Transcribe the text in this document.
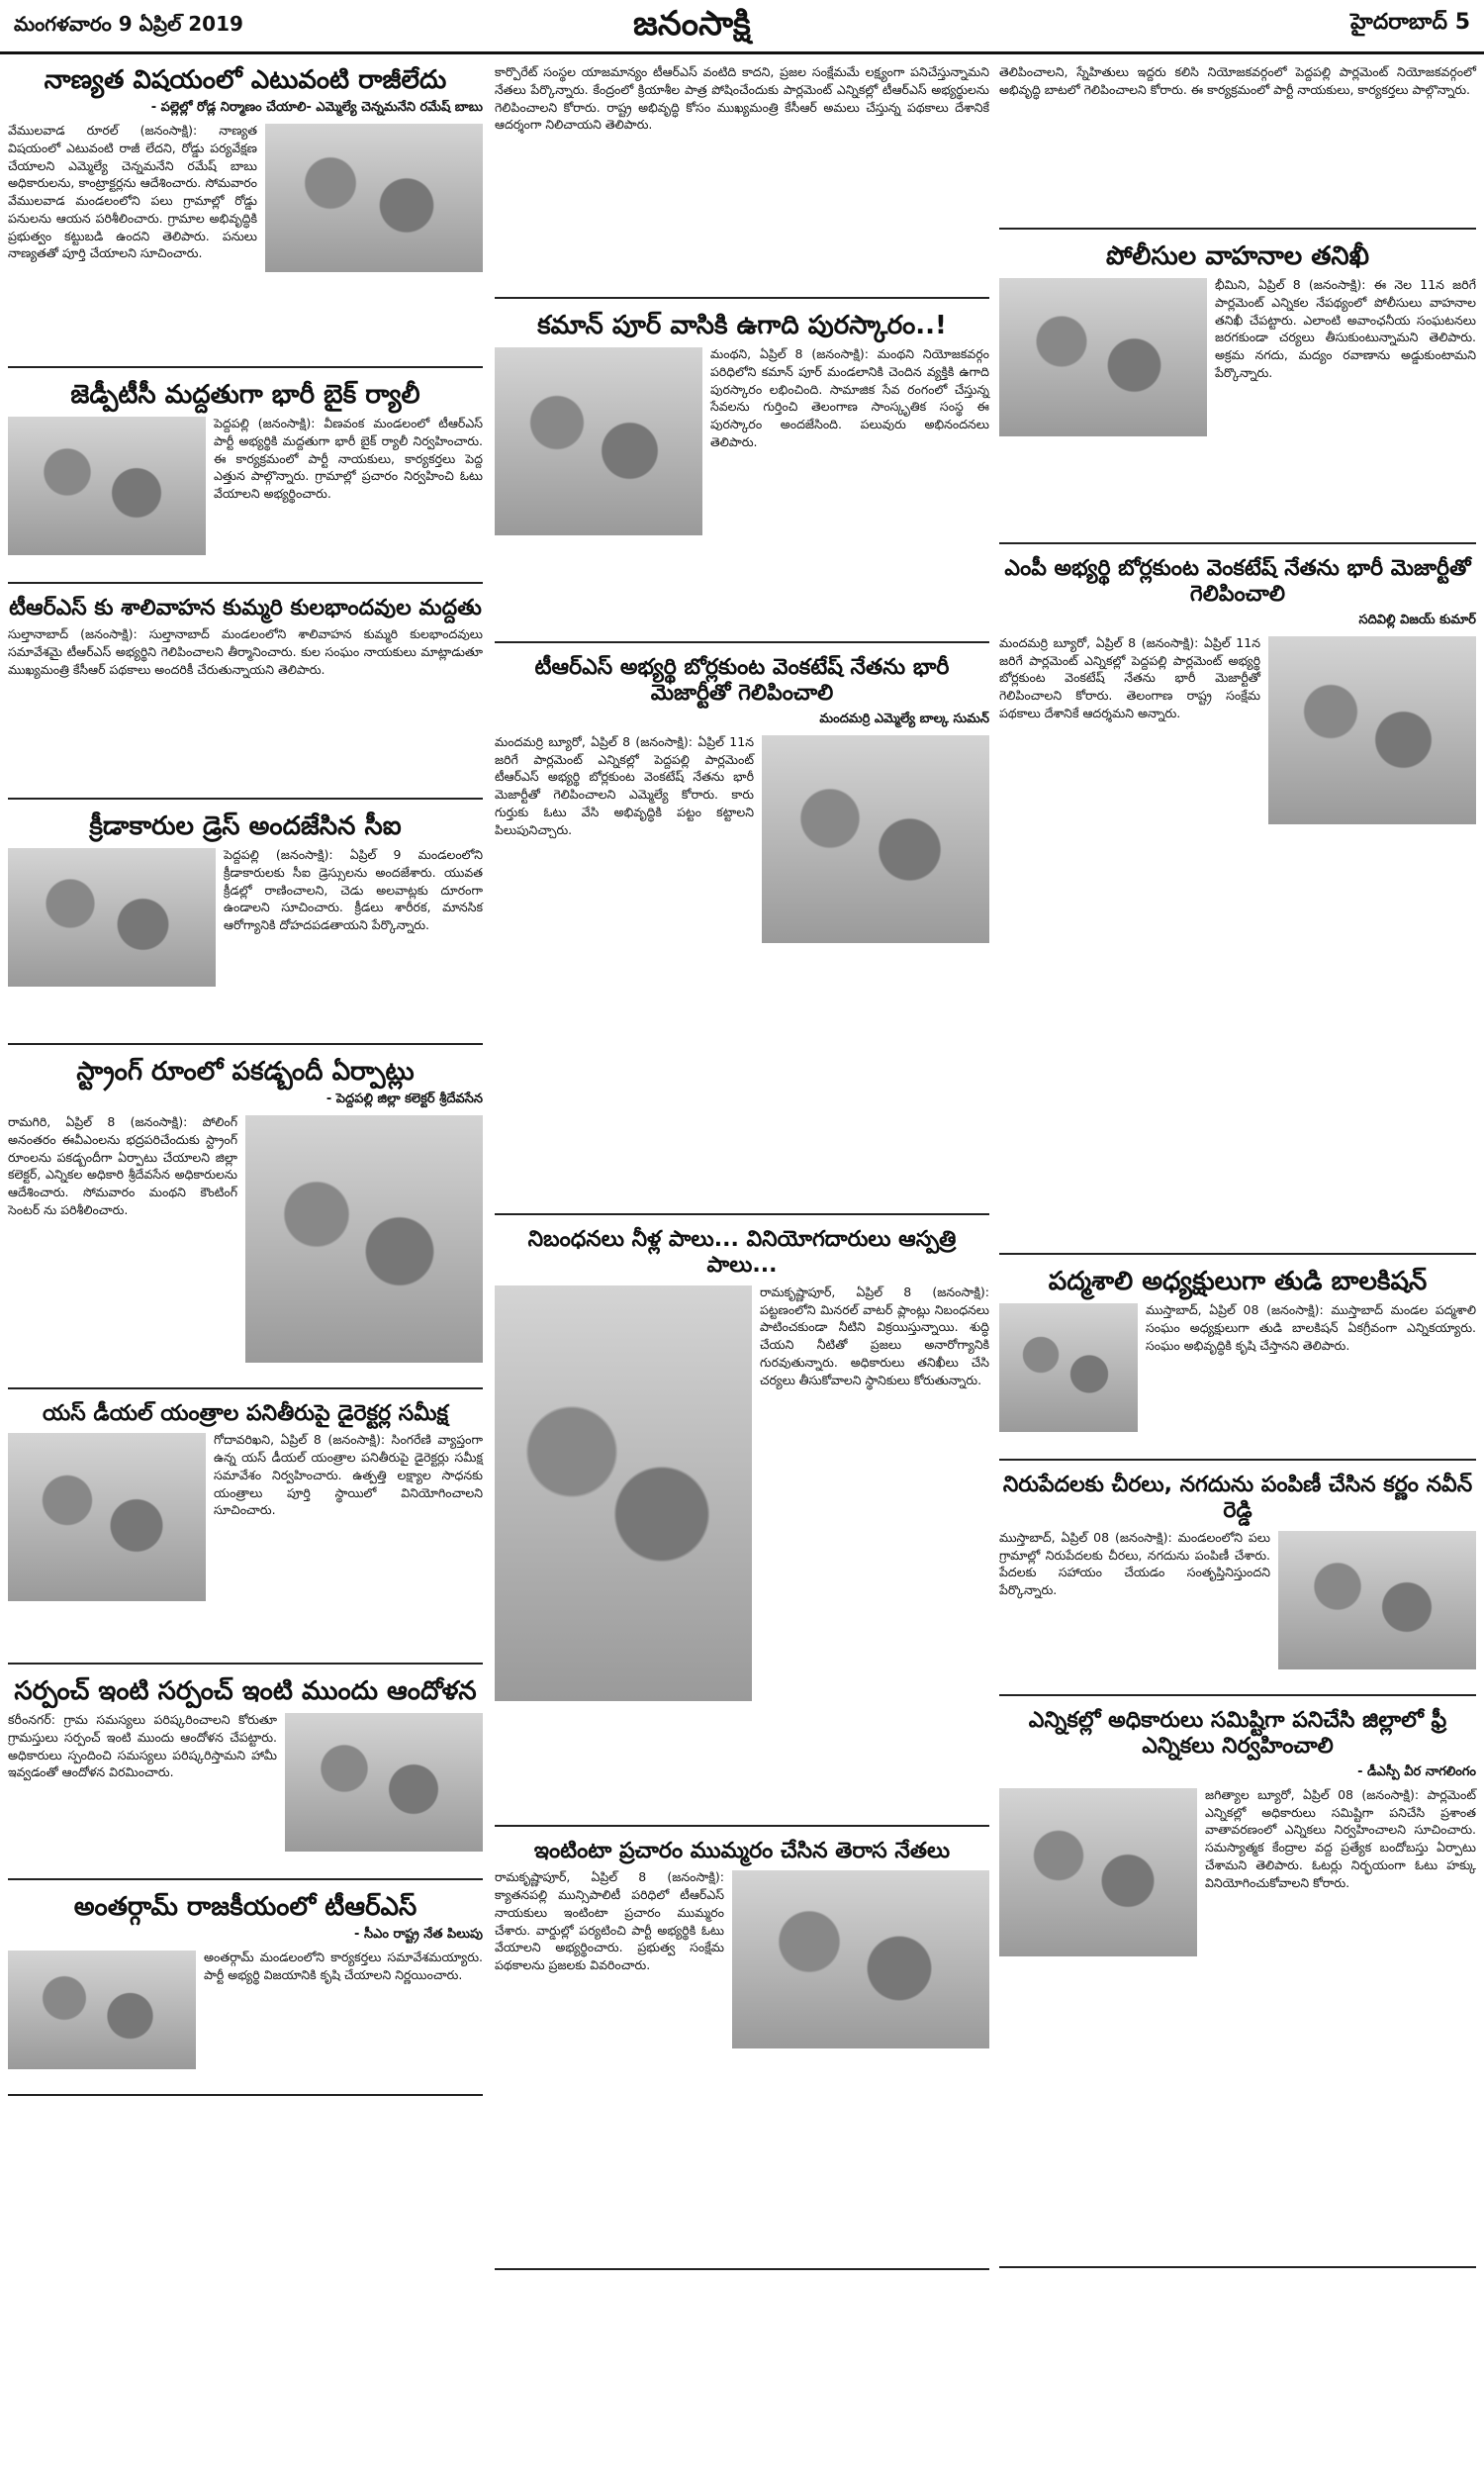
మంగళవారం 9 ఏప్రిల్ 2019	జనంసాక్షి	హైదరాబాద్ 5
నాణ్యత విషయంలో ఎటువంటి రాజీలేదు
- పల్లెల్లో రోడ్ల నిర్మాణం చేయాలి- ఎమ్మెల్యే చెన్నమనేని రమేష్ బాబు
వేములవాడ రూరల్ (జనంసాక్షి): నాణ్యత విషయంలో ఎటువంటి రాజీ లేదని, రోడ్డు పర్యవేక్షణ చేయాలని ఎమ్మెల్యే చెన్నమనేని రమేష్ బాబు అధికారులను, కాంట్రాక్టర్లను ఆదేశించారు. సోమవారం వేములవాడ మండలంలోని పలు గ్రామాల్లో రోడ్డు పనులను ఆయన పరిశీలించారు. గ్రామాల అభివృద్ధికి ప్రభుత్వం కట్టుబడి ఉందని తెలిపారు. పనులు నాణ్యతతో పూర్తి చేయాలని సూచించారు.
జెడ్పీటీసీ మద్దతుగా భారీ బైక్ ర్యాలీ
పెద్దపల్లి (జనంసాక్షి): వీణవంక మండలంలో టీఆర్ఎస్ పార్టీ అభ్యర్థికి మద్దతుగా భారీ బైక్ ర్యాలీ నిర్వహించారు. ఈ కార్యక్రమంలో పార్టీ నాయకులు, కార్యకర్తలు పెద్ద ఎత్తున పాల్గొన్నారు. గ్రామాల్లో ప్రచారం నిర్వహించి ఓటు వేయాలని అభ్యర్థించారు.
టీఆర్ఎస్ కు శాలివాహన కుమ్మరి కులభాందవుల మద్దతు
సుల్తానాబాద్ (జనంసాక్షి): సుల్తానాబాద్ మండలంలోని శాలివాహన కుమ్మరి కులభాందవులు సమావేశమై టీఆర్ఎస్ అభ్యర్థిని గెలిపించాలని తీర్మానించారు. కుల సంఘం నాయకులు మాట్లాడుతూ ముఖ్యమంత్రి కేసీఆర్ పథకాలు అందరికీ చేరుతున్నాయని తెలిపారు.
క్రీడాకారుల డ్రెస్ అందజేసిన సీఐ
పెద్దపల్లి (జనంసాక్షి): ఏప్రిల్ 9 మండలంలోని క్రీడాకారులకు సీఐ డ్రెస్సులను అందజేశారు. యువత క్రీడల్లో రాణించాలని, చెడు అలవాట్లకు దూరంగా ఉండాలని సూచించారు. క్రీడలు శారీరక, మానసిక ఆరోగ్యానికి దోహదపడతాయని పేర్కొన్నారు.
స్ట్రాంగ్ రూంలో పకడ్బందీ ఏర్పాట్లు
- పెద్దపల్లి జిల్లా కలెక్టర్ శ్రీదేవసేన
రామగిరి, ఏప్రిల్ 8 (జనంసాక్షి): పోలింగ్ అనంతరం ఈవీఎంలను భద్రపరిచేందుకు స్ట్రాంగ్ రూంలను పకడ్బందీగా ఏర్పాటు చేయాలని జిల్లా కలెక్టర్, ఎన్నికల అధికారి శ్రీదేవసేన అధికారులను ఆదేశించారు. సోమవారం మంథని కౌంటింగ్ సెంటర్ ను పరిశీలించారు.
యస్ డీయల్ యంత్రాల పనితీరుపై డైరెక్టర్ల సమీక్ష
గోదావరిఖని, ఏప్రిల్ 8 (జనంసాక్షి): సింగరేణి వ్యాప్తంగా ఉన్న యస్ డీయల్ యంత్రాల పనితీరుపై డైరెక్టర్లు సమీక్ష సమావేశం నిర్వహించారు. ఉత్పత్తి లక్ష్యాల సాధనకు యంత్రాలు పూర్తి స్థాయిలో వినియోగించాలని సూచించారు.
సర్పంచ్ ఇంటి సర్పంచ్ ఇంటి ముందు ఆందోళన
కరీంనగర్: గ్రామ సమస్యలు పరిష్కరించాలని కోరుతూ గ్రామస్తులు సర్పంచ్ ఇంటి ముందు ఆందోళన చేపట్టారు. అధికారులు స్పందించి సమస్యలు పరిష్కరిస్తామని హామీ ఇవ్వడంతో ఆందోళన విరమించారు.
అంతర్గామ్ రాజకీయంలో టీఆర్ఎస్
- సీఎం రాష్ట్ర నేత పిలుపు
అంతర్గామ్ మండలంలోని కార్యకర్తలు సమావేశమయ్యారు. పార్టీ అభ్యర్థి విజయానికి కృషి చేయాలని నిర్ణయించారు.
కార్పొరేట్ సంస్థల యాజమాన్యం టీఆర్ఎస్ వంటిది కాదని, ప్రజల సంక్షేమమే లక్ష్యంగా పనిచేస్తున్నామని నేతలు పేర్కొన్నారు. కేంద్రంలో క్రియాశీల పాత్ర పోషించేందుకు పార్లమెంట్ ఎన్నికల్లో టీఆర్ఎస్ అభ్యర్థులను గెలిపించాలని కోరారు. రాష్ట్ర అభివృద్ధి కోసం ముఖ్యమంత్రి కేసీఆర్ అమలు చేస్తున్న పథకాలు దేశానికే ఆదర్శంగా నిలిచాయని తెలిపారు.
కమాన్ పూర్ వాసికి ఉగాది పురస్కారం..!
మంథని, ఏప్రిల్ 8 (జనంసాక్షి): మంథని నియోజకవర్గం పరిధిలోని కమాన్ పూర్ మండలానికి చెందిన వ్యక్తికి ఉగాది పురస్కారం లభించింది. సామాజిక సేవ రంగంలో చేస్తున్న సేవలను గుర్తించి తెలంగాణ సాంస్కృతిక సంస్థ ఈ పురస్కారం అందజేసింది. పలువురు అభినందనలు తెలిపారు.
టీఆర్ఎస్ అభ్యర్థి బోర్లకుంట వెంకటేష్ నేతను భారీ మెజార్టీతో గెలిపించాలి
మందమర్రి ఎమ్మెల్యే బాల్క సుమన్
మందమర్రి బ్యూరో, ఏప్రిల్ 8 (జనంసాక్షి): ఏప్రిల్ 11న జరిగే పార్లమెంట్ ఎన్నికల్లో పెద్దపల్లి పార్లమెంట్ టీఆర్ఎస్ అభ్యర్థి బోర్లకుంట వెంకటేష్ నేతను భారీ మెజార్టీతో గెలిపించాలని ఎమ్మెల్యే కోరారు. కారు గుర్తుకు ఓటు వేసి అభివృద్ధికి పట్టం కట్టాలని పిలుపునిచ్చారు.
నిబంధనలు నీళ్ల పాలు... వినియోగదారులు ఆస్పత్రి పాలు...
రామకృష్ణాపూర్, ఏప్రిల్ 8 (జనంసాక్షి): పట్టణంలోని మినరల్ వాటర్ ప్లాంట్లు నిబంధనలు పాటించకుండా నీటిని విక్రయిస్తున్నాయి. శుద్ధి చేయని నీటితో ప్రజలు అనారోగ్యానికి గురవుతున్నారు. అధికారులు తనిఖీలు చేసి చర్యలు తీసుకోవాలని స్థానికులు కోరుతున్నారు.
ఇంటింటా ప్రచారం ముమ్మరం చేసిన తెరాస నేతలు
రామకృష్ణాపూర్, ఏప్రిల్ 8 (జనంసాక్షి): క్యాతనపల్లి మున్సిపాలిటీ పరిధిలో టీఆర్ఎస్ నాయకులు ఇంటింటా ప్రచారం ముమ్మరం చేశారు. వార్డుల్లో పర్యటించి పార్టీ అభ్యర్థికి ఓటు వేయాలని అభ్యర్థించారు. ప్రభుత్వ సంక్షేమ పథకాలను ప్రజలకు వివరించారు.
తెలిపించాలని, స్నేహితులు ఇద్దరు కలిసి నియోజకవర్గంలో పెద్దపల్లి పార్లమెంట్ నియోజకవర్గంలో అభివృద్ధి బాటలో గెలిపించాలని కోరారు. ఈ కార్యక్రమంలో పార్టీ నాయకులు, కార్యకర్తలు పాల్గొన్నారు.
పోలీసుల వాహనాల తనిఖీ
భీమిని, ఏప్రిల్ 8 (జనంసాక్షి): ఈ నెల 11న జరిగే పార్లమెంట్ ఎన్నికల నేపథ్యంలో పోలీసులు వాహనాల తనిఖీ చేపట్టారు. ఎలాంటి అవాంఛనీయ సంఘటనలు జరగకుండా చర్యలు తీసుకుంటున్నామని తెలిపారు. అక్రమ నగదు, మద్యం రవాణాను అడ్డుకుంటామని పేర్కొన్నారు.
ఎంపీ అభ్యర్థి బోర్లకుంట వెంకటేష్ నేతను భారీ మెజార్టీతో గెలిపించాలి
సదివిల్లి విజయ్ కుమార్
మందమర్రి బ్యూరో, ఏప్రిల్ 8 (జనంసాక్షి): ఏప్రిల్ 11న జరిగే పార్లమెంట్ ఎన్నికల్లో పెద్దపల్లి పార్లమెంట్ అభ్యర్థి బోర్లకుంట వెంకటేష్ నేతను భారీ మెజార్టీతో గెలిపించాలని కోరారు. తెలంగాణ రాష్ట్ర సంక్షేమ పథకాలు దేశానికే ఆదర్శమని అన్నారు.
పద్మశాలి అధ్యక్షులుగా తుడి బాలకిషన్
ముస్తాబాద్, ఏప్రిల్ 08 (జనంసాక్షి): ముస్తాబాద్ మండల పద్మశాలి సంఘం అధ్యక్షులుగా తుడి బాలకిషన్ ఏకగ్రీవంగా ఎన్నికయ్యారు. సంఘం అభివృద్ధికి కృషి చేస్తానని తెలిపారు.
నిరుపేదలకు చీరలు, నగదును పంపిణీ చేసిన కర్ణం నవీన్ రెడ్డి
ముస్తాబాద్, ఏప్రిల్ 08 (జనంసాక్షి): మండలంలోని పలు గ్రామాల్లో నిరుపేదలకు చీరలు, నగదును పంపిణీ చేశారు. పేదలకు సహాయం చేయడం సంతృప్తినిస్తుందని పేర్కొన్నారు.
ఎన్నికల్లో అధికారులు సమిష్టిగా పనిచేసి జిల్లాలో ఫ్రీ ఎన్నికలు నిర్వహించాలి
- డీఎస్పీ వీర నాగలింగం
జగిత్యాల బ్యూరో, ఏప్రిల్ 08 (జనంసాక్షి): పార్లమెంట్ ఎన్నికల్లో అధికారులు సమిష్టిగా పనిచేసి ప్రశాంత వాతావరణంలో ఎన్నికలు నిర్వహించాలని సూచించారు. సమస్యాత్మక కేంద్రాల వద్ద ప్రత్యేక బందోబస్తు ఏర్పాటు చేశామని తెలిపారు. ఓటర్లు నిర్భయంగా ఓటు హక్కు వినియోగించుకోవాలని కోరారు.
